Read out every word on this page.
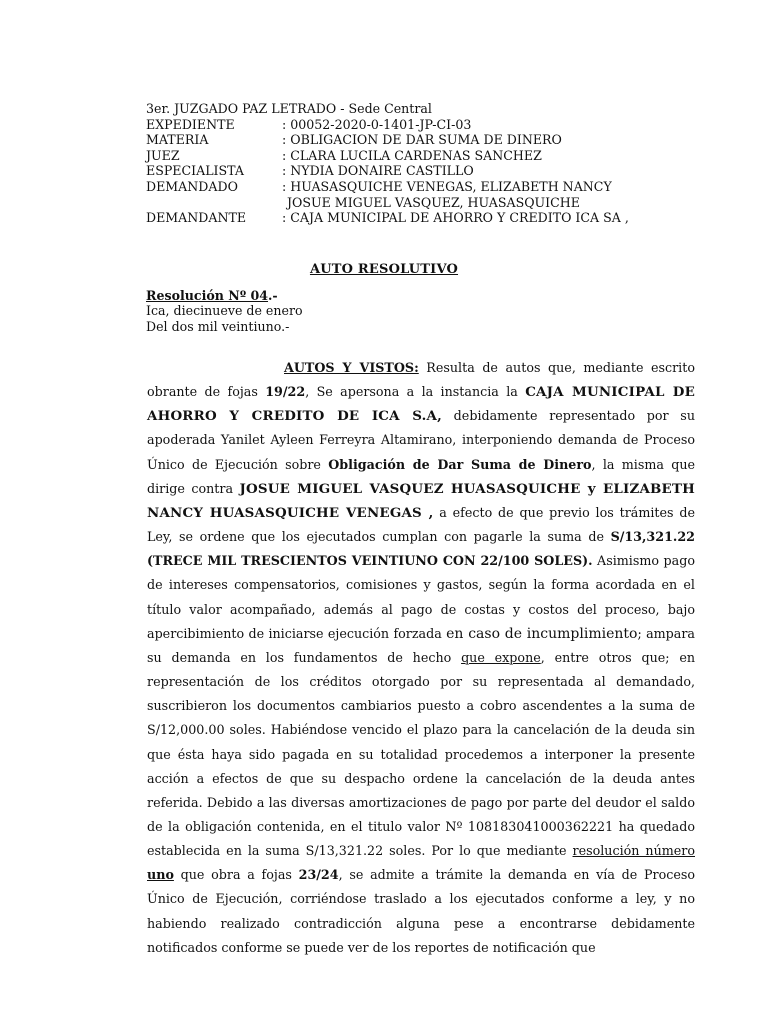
3er. JUZGADO PAZ LETRADO - Sede Central
EXPEDIENTE	: 00052-2020-0-1401-JP-CI-03
MATERIA	: OBLIGACION DE DAR SUMA DE DINERO
JUEZ	: CLARA LUCILA CARDENAS SANCHEZ
ESPECIALISTA	: NYDIA DONAIRE CASTILLO
DEMANDADO	: HUASASQUICHE VENEGAS, ELIZABETH NANCY
JOSUE MIGUEL VASQUEZ, HUASASQUICHE
DEMANDANTE	: CAJA MUNICIPAL DE AHORRO Y CREDITO ICA SA ,
AUTO RESOLUTIVO
Resolución Nº 04.-
Ica, diecinueve de enero
Del dos mil veintiuno.-

AUTOS Y VISTOS: Resulta de autos que, mediante escrito obrante de fojas 19/22, Se apersona a la instancia la CAJA MUNICIPAL DE AHORRO Y CREDITO DE ICA S.A, debidamente representado por su apoderada Yanilet Ayleen Ferreyra Altamirano, interponiendo demanda de Proceso Único de Ejecución sobre Obligación de Dar Suma de Dinero, la misma que dirige contra JOSUE MIGUEL VASQUEZ HUASASQUICHE y ELIZABETH NANCY HUASASQUICHE VENEGAS , a efecto de que previo los trámites de Ley, se ordene que los ejecutados cumplan con pagarle la suma de S/13,321.22 (TRECE MIL TRESCIENTOS VEINTIUNO CON 22/100 SOLES). Asimismo pago de intereses compensatorios, comisiones y gastos, según la forma acordada en el título valor acompañado, además al pago de costas y costos del proceso, bajo apercibimiento de iniciarse ejecución forzada en caso de incumplimiento; ampara su demanda en los fundamentos de hecho que expone, entre otros que; en representación de los créditos otorgado por su representada al demandado, suscribieron los documentos cambiarios puesto a cobro ascendentes a la suma de S/12,000.00 soles. Habiéndose vencido el plazo para la cancelación de la deuda sin que ésta haya sido pagada en su totalidad procedemos a interponer la presente acción a efectos de que su despacho ordene la cancelación de la deuda antes referida. Debido a las diversas amortizaciones de pago por parte del deudor el saldo de la obligación contenida, en el titulo valor Nº 108183041000362221 ha quedado establecida en la suma S/13,321.22 soles. Por lo que mediante resolución número uno que obra a fojas 23/24, se admite a trámite la demanda en vía de Proceso Único de Ejecución, corriéndose traslado a los ejecutados conforme a ley, y no habiendo realizado contradicción alguna pese a encontrarse debidamente notificados conforme se puede ver de los reportes de notificación que
